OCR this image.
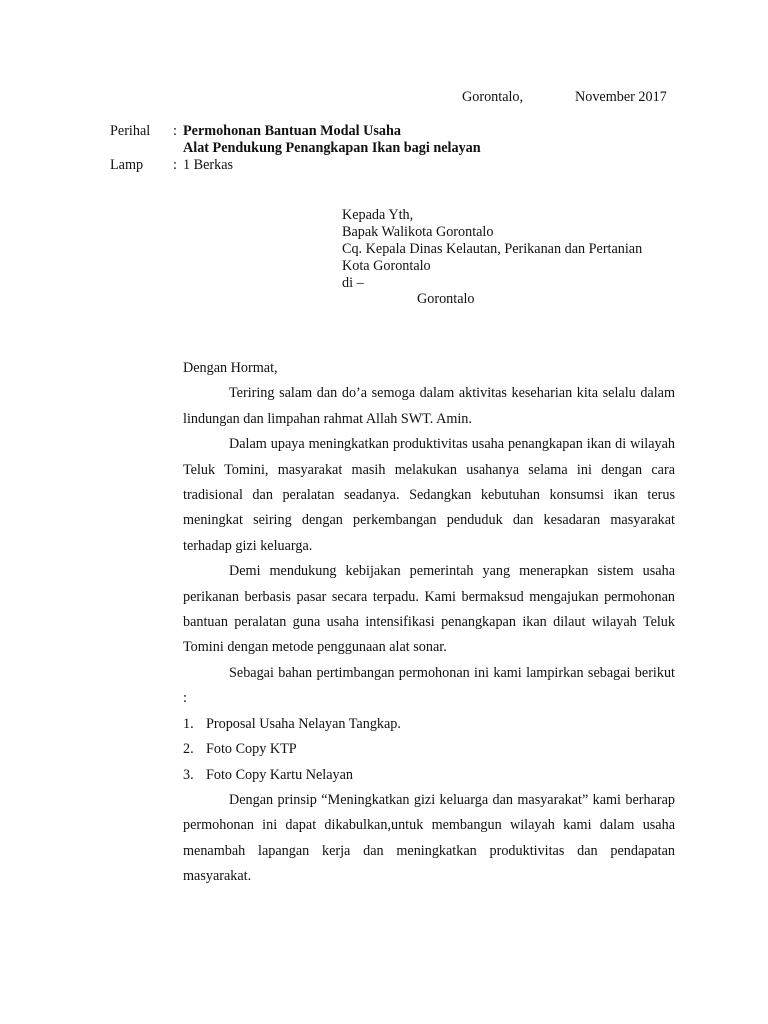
Gorontalo,	November 2017
Perihal : Permohonan Bantuan Modal Usaha
Alat Pendukung Penangkapan Ikan bagi nelayan
Lamp : 1 Berkas
Kepada Yth,
Bapak Walikota Gorontalo
Cq. Kepala Dinas Kelautan, Perikanan dan Pertanian
Kota Gorontalo
di –
Gorontalo

Dengan Hormat,

Teriring salam dan do’a semoga dalam aktivitas keseharian kita selalu dalam lindungan dan limpahan rahmat Allah SWT. Amin.

Dalam upaya meningkatkan produktivitas usaha penangkapan ikan di wilayah Teluk Tomini, masyarakat masih melakukan usahanya selama ini dengan cara tradisional dan peralatan seadanya. Sedangkan kebutuhan konsumsi ikan terus meningkat seiring dengan perkembangan penduduk dan kesadaran masyarakat terhadap gizi keluarga.

Demi mendukung kebijakan pemerintah yang menerapkan sistem usaha perikanan berbasis pasar secara terpadu. Kami bermaksud mengajukan permohonan bantuan peralatan guna usaha intensifikasi penangkapan ikan dilaut wilayah Teluk Tomini dengan metode penggunaan alat sonar.

Sebagai bahan pertimbangan permohonan ini kami lampirkan sebagai berikut :

1. Proposal Usaha Nelayan Tangkap.
2. Foto Copy KTP
3. Foto Copy Kartu Nelayan

Dengan prinsip “Meningkatkan gizi keluarga dan masyarakat” kami berharap permohonan ini dapat dikabulkan,untuk membangun wilayah kami dalam usaha menambah lapangan kerja dan meningkatkan produktivitas dan pendapatan masyarakat.
